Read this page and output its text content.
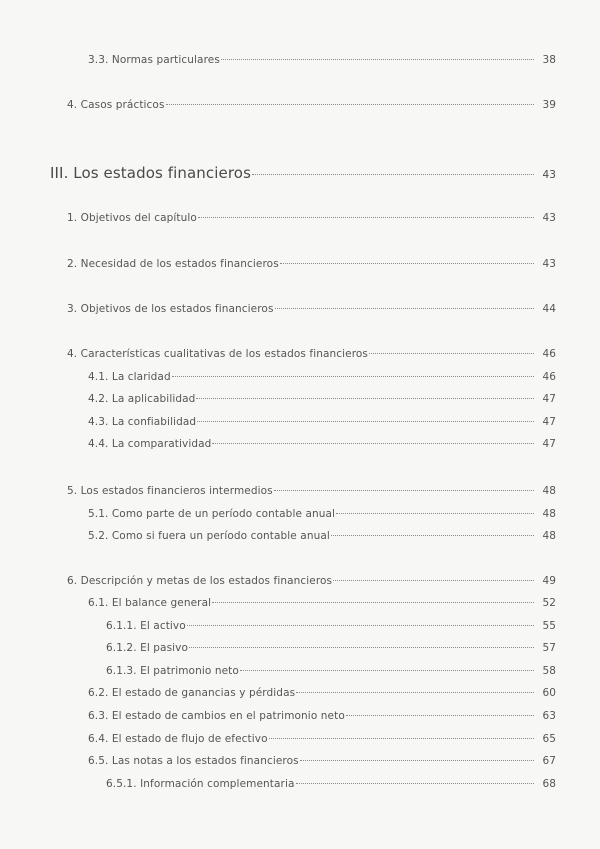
3.3. Normas particulares	38
4. Casos prácticos	39
III. Los estados financieros	43
1. Objetivos del capítulo	43
2. Necesidad de los estados financieros	43
3. Objetivos de los estados financieros	44
4. Características cualitativas de los estados financieros	46
4.1. La claridad	46
4.2. La aplicabilidad	47
4.3. La confiabilidad	47
4.4. La comparatividad	47
5. Los estados financieros intermedios	48
5.1. Como parte de un período contable anual	48
5.2. Como si fuera un período contable anual	48
6. Descripción y metas de los estados financieros	49
6.1. El balance general	52
6.1.1. El activo	55
6.1.2. El pasivo	57
6.1.3. El patrimonio neto	58
6.2. El estado de ganancias y pérdidas	60
6.3. El estado de cambios en el patrimonio neto	63
6.4. El estado de flujo de efectivo	65
6.5. Las notas a los estados financieros	67
6.5.1. Información complementaria	68
